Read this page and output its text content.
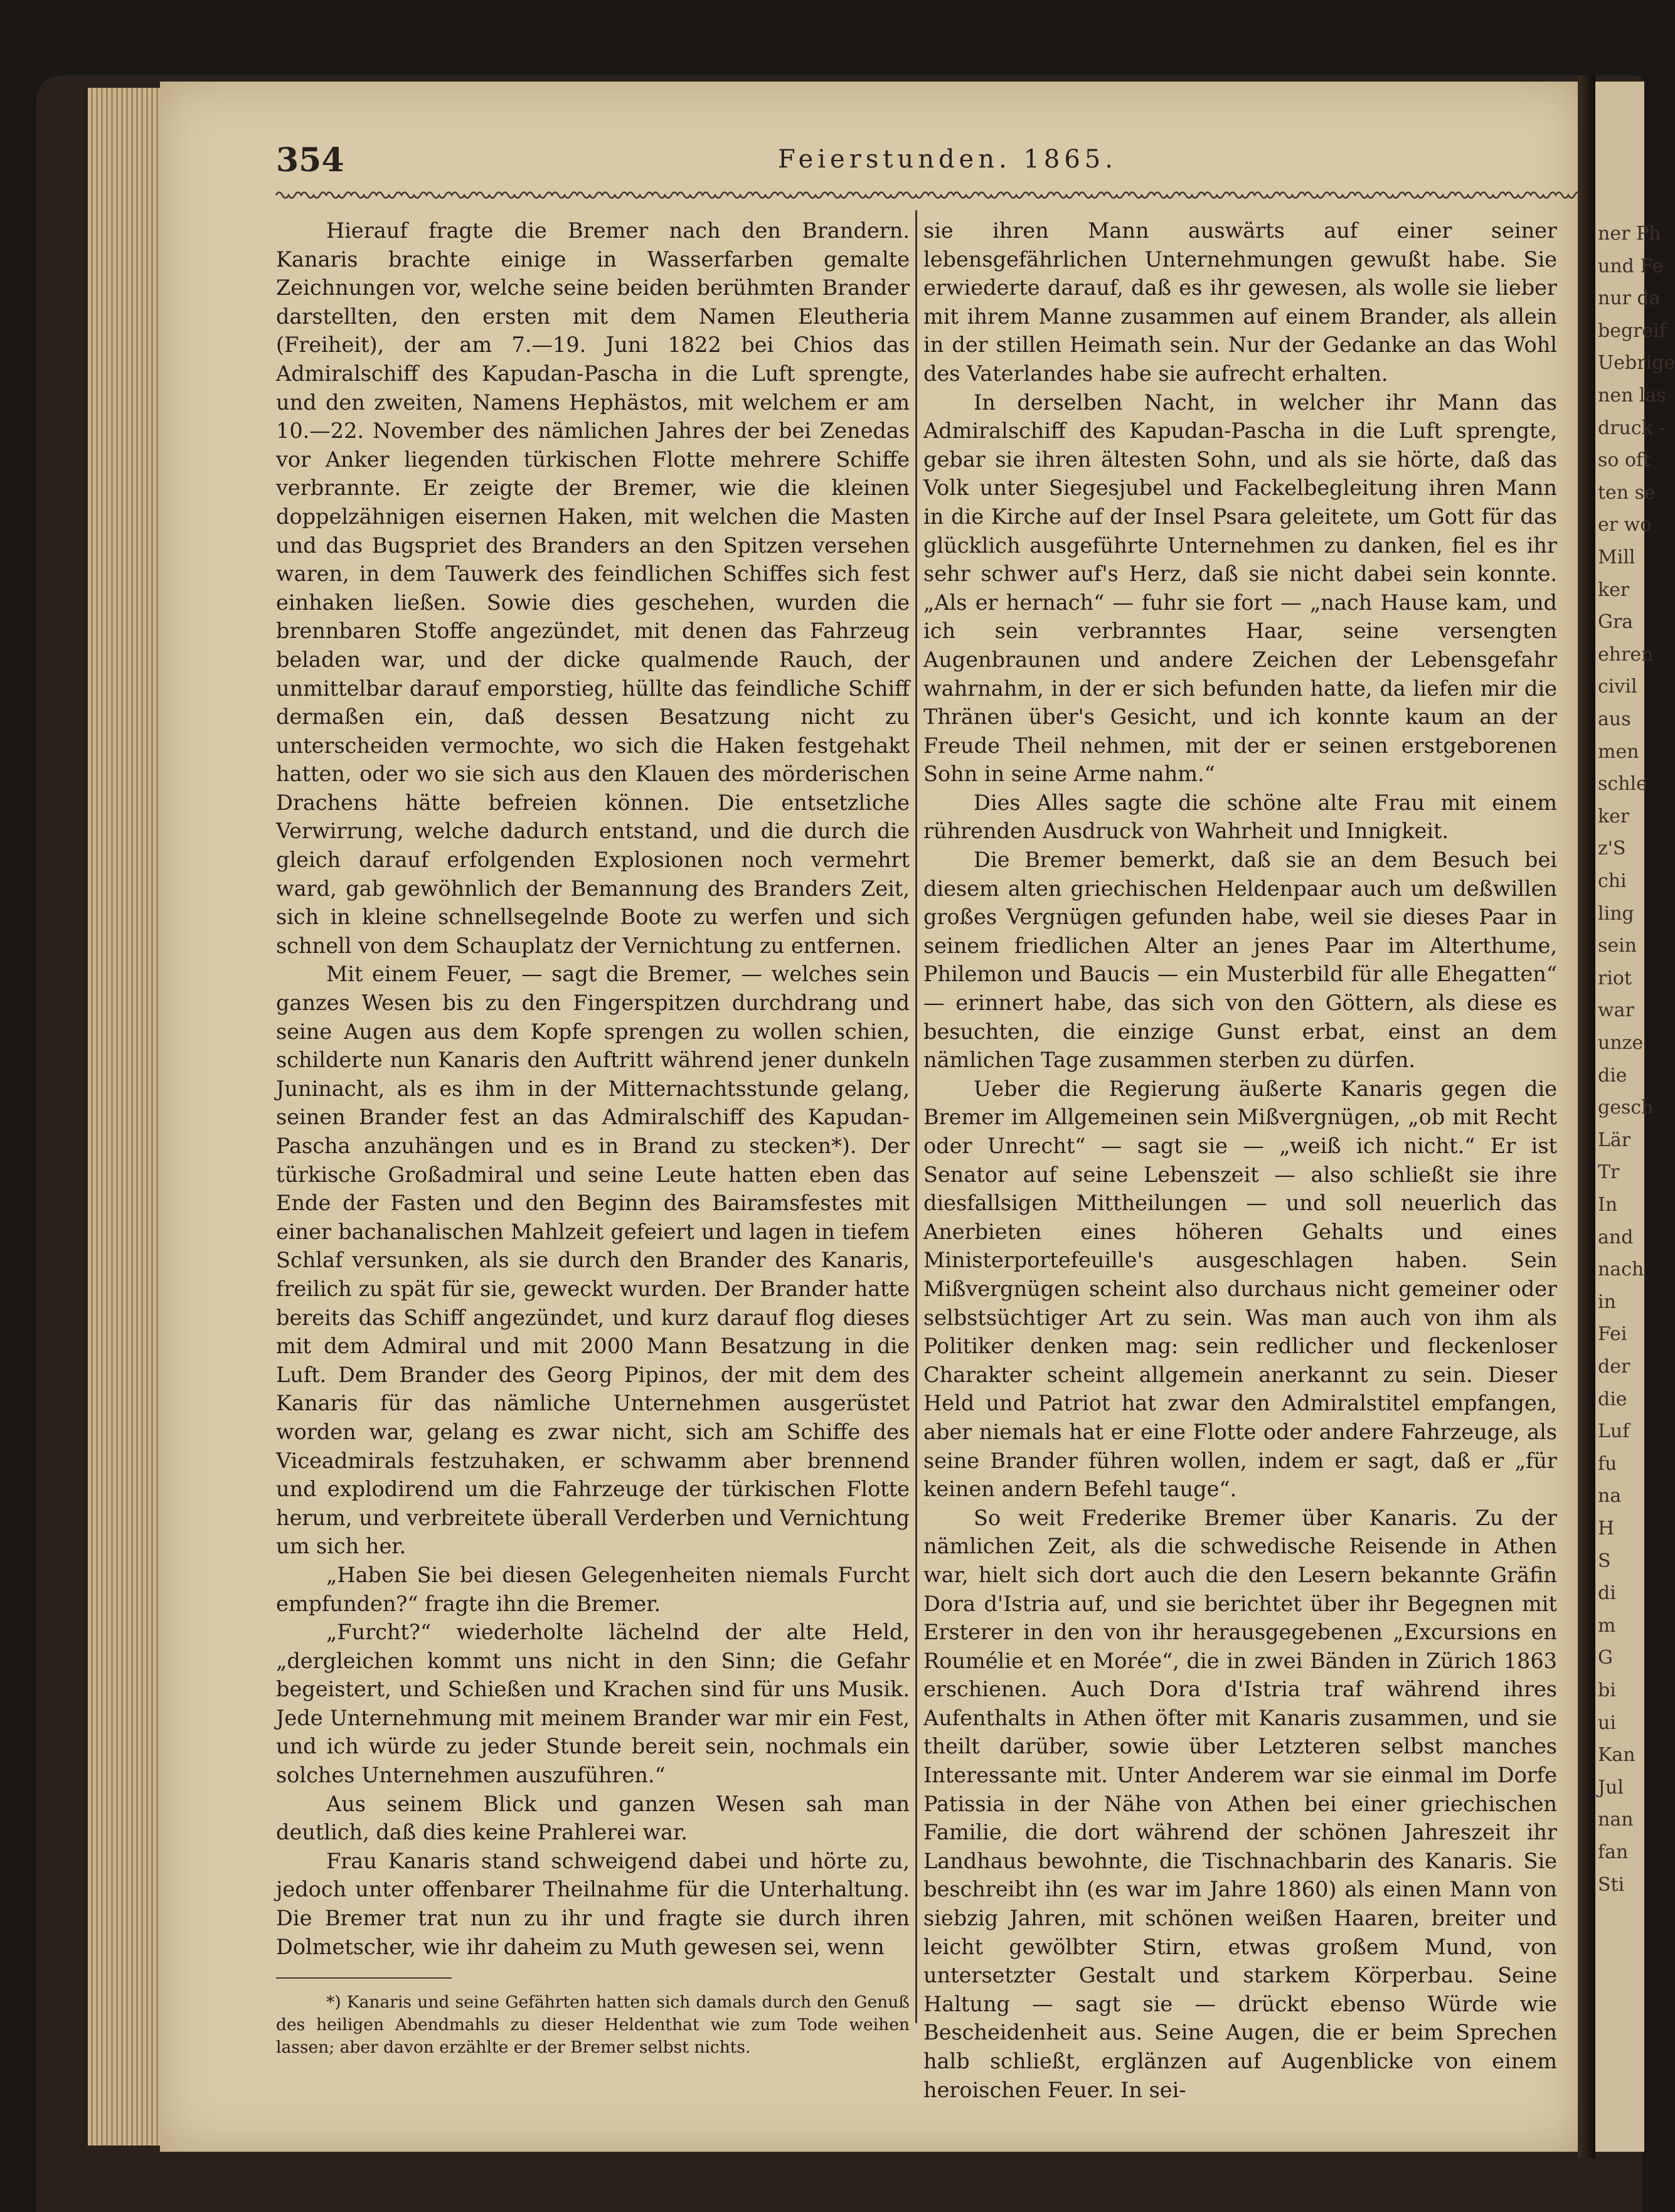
ner Ph
und Fe
nur da
begreif
Uebrige
nen las
druck -
so oft
ten se
er wo
Mill
ker
Gra
ehren
civil
aus
men
schle
ker
z'S
chi
ling
sein
riot
war
unze
die
gesch
Lär
Tr
In
and
nach
in
Fei
der
die
Luf
fu
na
H
S
di
m
G
bi
ui
Kan
Jul
nan
fan
Sti
354	Feierstunden. 1865.

Hierauf fragte die Bremer nach den Brandern. Kanaris brachte einige in Wasserfarben gemalte Zeichnungen vor, welche seine beiden berühmten Brander darstellten, den ersten mit dem Namen Eleutheria (Freiheit), der am 7.—19. Juni 1822 bei Chios das Admiralschiff des Kapudan-Pascha in die Luft sprengte, und den zweiten, Namens Hephästos, mit welchem er am 10.—22. November des nämlichen Jahres der bei Zenedas vor Anker liegenden türkischen Flotte mehrere Schiffe verbrannte. Er zeigte der Bremer, wie die kleinen doppelzähnigen eisernen Haken, mit welchen die Masten und das Bugspriet des Branders an den Spitzen versehen waren, in dem Tauwerk des feindlichen Schiffes sich fest einhaken ließen. Sowie dies geschehen, wurden die brennbaren Stoffe angezündet, mit denen das Fahrzeug beladen war, und der dicke qualmende Rauch, der unmittelbar darauf emporstieg, hüllte das feindliche Schiff dermaßen ein, daß dessen Besatzung nicht zu unterscheiden vermochte, wo sich die Haken festgehakt hatten, oder wo sie sich aus den Klauen des mörderischen Drachens hätte befreien können. Die entsetzliche Verwirrung, welche dadurch entstand, und die durch die gleich darauf erfolgenden Explosionen noch vermehrt ward, gab gewöhnlich der Bemannung des Branders Zeit, sich in kleine schnellsegelnde Boote zu werfen und sich schnell von dem Schauplatz der Vernichtung zu entfernen.

Mit einem Feuer, — sagt die Bremer, — welches sein ganzes Wesen bis zu den Fingerspitzen durchdrang und seine Augen aus dem Kopfe sprengen zu wollen schien, schilderte nun Kanaris den Auftritt während jener dunkeln Juninacht, als es ihm in der Mitternachtsstunde gelang, seinen Brander fest an das Admiralschiff des Kapudan-Pascha anzuhängen und es in Brand zu stecken*). Der türkische Großadmiral und seine Leute hatten eben das Ende der Fasten und den Beginn des Bairamsfestes mit einer bachanalischen Mahlzeit gefeiert und lagen in tiefem Schlaf versunken, als sie durch den Brander des Kanaris, freilich zu spät für sie, geweckt wurden. Der Brander hatte bereits das Schiff angezündet, und kurz darauf flog dieses mit dem Admiral und mit 2000 Mann Besatzung in die Luft. Dem Brander des Georg Pipinos, der mit dem des Kanaris für das nämliche Unternehmen ausgerüstet worden war, gelang es zwar nicht, sich am Schiffe des Viceadmirals festzuhaken, er schwamm aber brennend und explodirend um die Fahrzeuge der türkischen Flotte herum, und verbreitete überall Verderben und Vernichtung um sich her.

„Haben Sie bei diesen Gelegenheiten niemals Furcht empfunden?“ fragte ihn die Bremer.

„Furcht?“ wiederholte lächelnd der alte Held, „dergleichen kommt uns nicht in den Sinn; die Gefahr begeistert, und Schießen und Krachen sind für uns Musik. Jede Unternehmung mit meinem Brander war mir ein Fest, und ich würde zu jeder Stunde bereit sein, nochmals ein solches Unternehmen auszuführen.“

Aus seinem Blick und ganzen Wesen sah man deutlich, daß dies keine Prahlerei war.

Frau Kanaris stand schweigend dabei und hörte zu, jedoch unter offenbarer Theilnahme für die Unterhaltung. Die Bremer trat nun zu ihr und fragte sie durch ihren Dolmetscher, wie ihr daheim zu Muth gewesen sei, wenn

*) Kanaris und seine Gefährten hatten sich damals durch den Genuß des heiligen Abendmahls zu dieser Heldenthat wie zum Tode weihen lassen; aber davon erzählte er der Bremer selbst nichts.

sie ihren Mann auswärts auf einer seiner lebensgefährlichen Unternehmungen gewußt habe. Sie erwiederte darauf, daß es ihr gewesen, als wolle sie lieber mit ihrem Manne zusammen auf einem Brander, als allein in der stillen Heimath sein. Nur der Gedanke an das Wohl des Vaterlandes habe sie aufrecht erhalten.

In derselben Nacht, in welcher ihr Mann das Admiralschiff des Kapudan-Pascha in die Luft sprengte, gebar sie ihren ältesten Sohn, und als sie hörte, daß das Volk unter Siegesjubel und Fackelbegleitung ihren Mann in die Kirche auf der Insel Psara geleitete, um Gott für das glücklich ausgeführte Unternehmen zu danken, fiel es ihr sehr schwer auf's Herz, daß sie nicht dabei sein konnte. „Als er hernach“ — fuhr sie fort — „nach Hause kam, und ich sein verbranntes Haar, seine versengten Augenbraunen und andere Zeichen der Lebensgefahr wahrnahm, in der er sich befunden hatte, da liefen mir die Thränen über's Gesicht, und ich konnte kaum an der Freude Theil nehmen, mit der er seinen erstgeborenen Sohn in seine Arme nahm.“

Dies Alles sagte die schöne alte Frau mit einem rührenden Ausdruck von Wahrheit und Innigkeit.

Die Bremer bemerkt, daß sie an dem Besuch bei diesem alten griechischen Heldenpaar auch um deßwillen großes Vergnügen gefunden habe, weil sie dieses Paar in seinem friedlichen Alter an jenes Paar im Alterthume, Philemon und Baucis — ein Musterbild für alle Ehegatten“ — erinnert habe, das sich von den Göttern, als diese es besuchten, die einzige Gunst erbat, einst an dem nämlichen Tage zusammen sterben zu dürfen.

Ueber die Regierung äußerte Kanaris gegen die Bremer im Allgemeinen sein Mißvergnügen, „ob mit Recht oder Unrecht“ — sagt sie — „weiß ich nicht.“ Er ist Senator auf seine Lebenszeit — also schließt sie ihre diesfallsigen Mittheilungen — und soll neuerlich das Anerbieten eines höheren Gehalts und eines Ministerportefeuille's ausgeschlagen haben. Sein Mißvergnügen scheint also durchaus nicht gemeiner oder selbstsüchtiger Art zu sein. Was man auch von ihm als Politiker denken mag: sein redlicher und fleckenloser Charakter scheint allgemein anerkannt zu sein. Dieser Held und Patriot hat zwar den Admiralstitel empfangen, aber niemals hat er eine Flotte oder andere Fahrzeuge, als seine Brander führen wollen, indem er sagt, daß er „für keinen andern Befehl tauge“.

So weit Frederike Bremer über Kanaris. Zu der nämlichen Zeit, als die schwedische Reisende in Athen war, hielt sich dort auch die den Lesern bekannte Gräfin Dora d'Istria auf, und sie berichtet über ihr Begegnen mit Ersterer in den von ihr herausgegebenen „Excursions en Roumélie et en Morée“, die in zwei Bänden in Zürich 1863 erschienen. Auch Dora d'Istria traf während ihres Aufenthalts in Athen öfter mit Kanaris zusammen, und sie theilt darüber, sowie über Letzteren selbst manches Interessante mit. Unter Anderem war sie einmal im Dorfe Patissia in der Nähe von Athen bei einer griechischen Familie, die dort während der schönen Jahreszeit ihr Landhaus bewohnte, die Tischnachbarin des Kanaris. Sie beschreibt ihn (es war im Jahre 1860) als einen Mann von siebzig Jahren, mit schönen weißen Haaren, breiter und leicht gewölbter Stirn, etwas großem Mund, von untersetzter Gestalt und starkem Körperbau. Seine Haltung — sagt sie — drückt ebenso Würde wie Bescheidenheit aus. Seine Augen, die er beim Sprechen halb schließt, erglänzen auf Augenblicke von einem heroischen Feuer. In sei-
